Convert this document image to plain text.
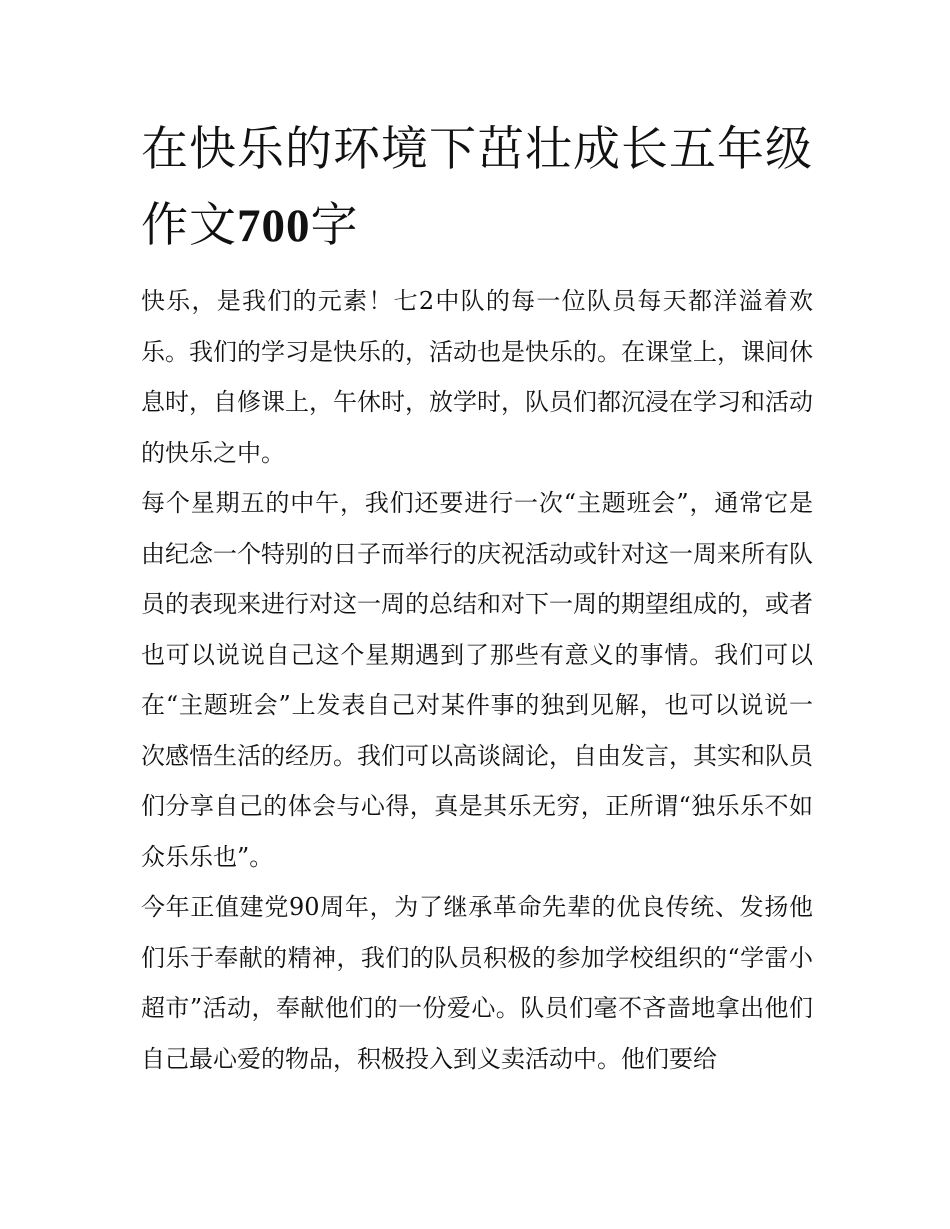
在快乐的环境下茁壮成长五年级作文700字

快乐，是我们的元素！七2中队的每一位队员每天都洋溢着欢乐。我们的学习是快乐的，活动也是快乐的。在课堂上，课间休息时，自修课上，午休时，放学时，队员们都沉浸在学习和活动的快乐之中。

每个星期五的中午，我们还要进行一次“主题班会”，通常它是由纪念一个特别的日子而举行的庆祝活动或针对这一周来所有队员的表现来进行对这一周的总结和对下一周的期望组成的，或者也可以说说自己这个星期遇到了那些有意义的事情。我们可以在“主题班会”上发表自己对某件事的独到见解，也可以说说一次感悟生活的经历。我们可以高谈阔论，自由发言，其实和队员们分享自己的体会与心得，真是其乐无穷，正所谓“独乐乐不如众乐乐也”。

今年正值建党90周年，为了继承革命先辈的优良传统、发扬他们乐于奉献的精神，我们的队员积极的参加学校组织的“学雷小超市”活动，奉献他们的一份爱心。队员们毫不吝啬地拿出他们自己最心爱的物品，积极投入到义卖活动中。他们要给
